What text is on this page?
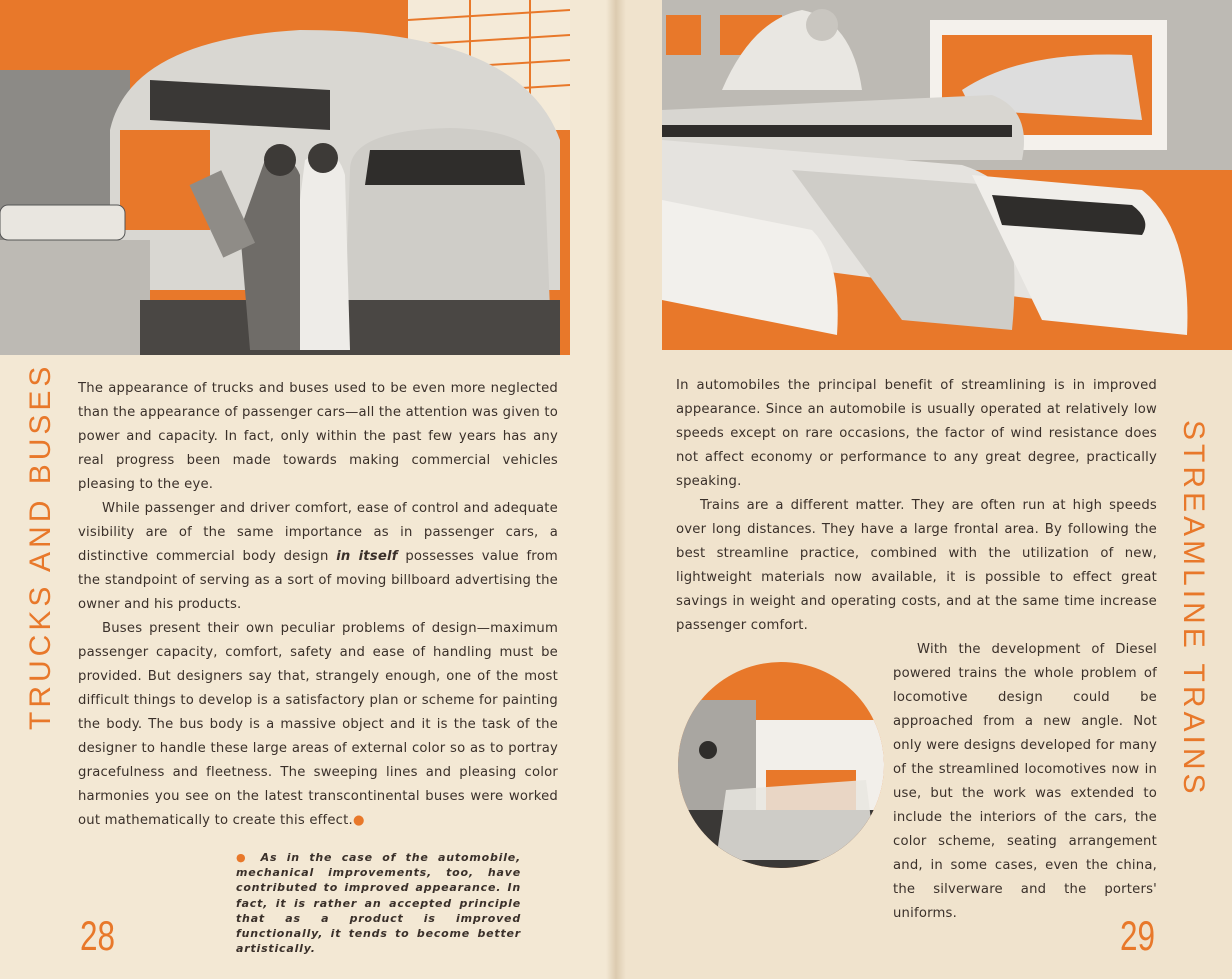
TRUCKS AND BUSES The appearance of trucks and buses used to be even more neglected than the appearance of passenger cars—all the attention was given to power and capacity. In fact, only within the past few years has any real progress been made towards making commercial vehicles pleasing to the eye.

While passenger and driver comfort, ease of control and adequate visibility are of the same importance as in passenger cars, a distinctive commercial body design in itself possesses value from the standpoint of serving as a sort of moving billboard advertising the owner and his products.

Buses present their own peculiar problems of design—maximum passenger capacity, comfort, safety and ease of handling must be provided. But designers say that, strangely enough, one of the most difficult things to develop is a satisfactory plan or scheme for painting the body. The bus body is a massive object and it is the task of the designer to handle these large areas of external color so as to portray gracefulness and fleetness. The sweeping lines and pleasing color harmonies you see on the latest transcontinental buses were worked out mathematically to create this effect.●

● As in the case of the automobile, mechanical improvements, too, have contributed to improved appearance. In fact, it is rather an accepted principle that as a product is improved functionally, it tends to become better artistically.
28
STREAMLINE TRAINS

In automobiles the principal benefit of streamlining is in improved appearance. Since an automobile is usually operated at relatively low speeds except on rare occasions, the factor of wind resistance does not affect economy or performance to any great degree, practically speaking.

Trains are a different matter. They are often run at high speeds over long distances. They have a large frontal area. By following the best streamline practice, combined with the utilization of new, lightweight materials now available, it is possible to effect great savings in weight and operating costs, and at the same time increase passenger comfort.

With the development of Diesel powered trains the whole problem of locomotive design could be approached from a new angle. Not only were designs developed for many of the streamlined locomotives now in use, but the work was extended to include the interiors of the cars, the color scheme, seating arrangement and, in some cases, even the china, the silverware and the porters' uniforms.	29
